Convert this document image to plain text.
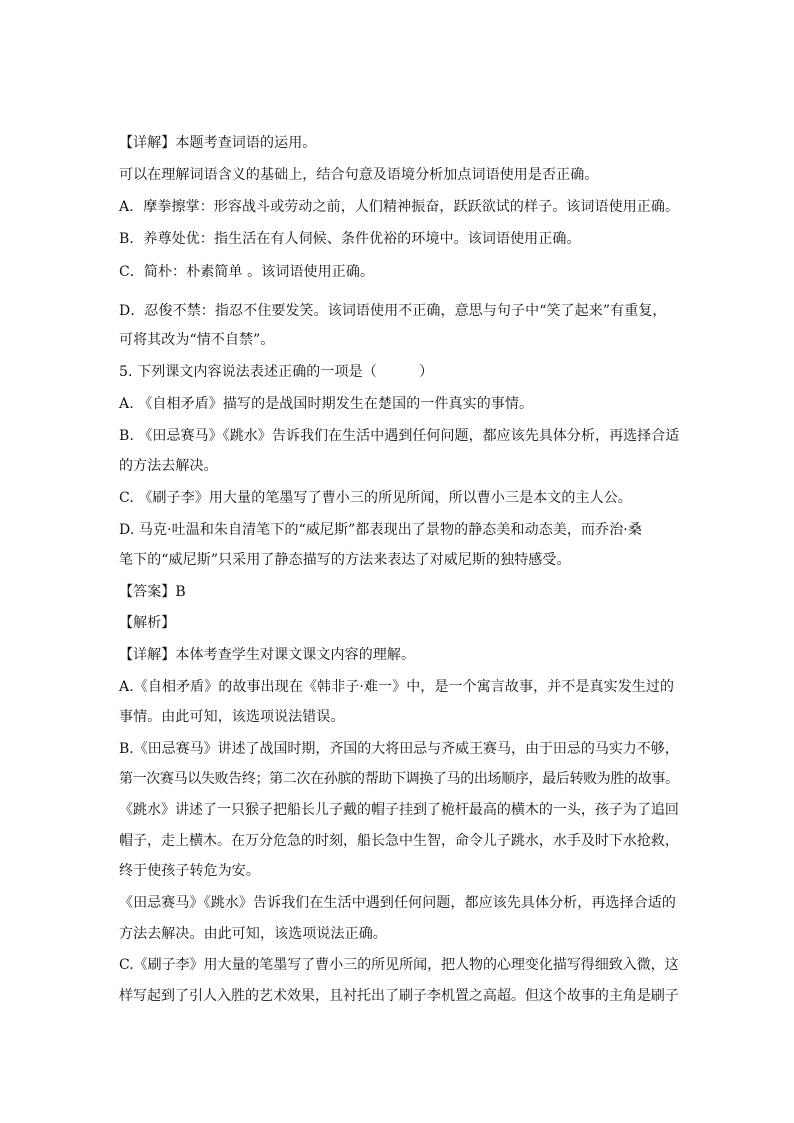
【详解】本题考查词语的运用。
可以在理解词语含义的基础上，结合句意及语境分析加点词语使用是否正确。
A．摩拳擦掌：形容战斗或劳动之前，人们精神振奋，跃跃欲试的样子。该词语使用正确。
B．养尊处优：指生活在有人伺候、条件优裕的环境中。该词语使用正确。
C．简朴：朴素简单 。该词语使用正确。
D．忍俊不禁：指忍不住要发笑。该词语使用不正确，意思与句子中“笑了起来”有重复，
可将其改为“情不自禁”。
5. 下列课文内容说法表述正确的一项是（　　　）
A. 《自相矛盾》描写的是战国时期发生在楚国的一件真实的事情。
B. 《田忌赛马》《跳水》告诉我们在生活中遇到任何问题，都应该先具体分析，再选择合适
的方法去解决。
C. 《刷子李》用大量的笔墨写了曹小三的所见所闻，所以曹小三是本文的主人公。
D. 马克·吐温和朱自清笔下的“威尼斯”都表现出了景物的静态美和动态美，而乔治·桑
笔下的“威尼斯”只采用了静态描写的方法来表达了对威尼斯的独特感受。
【答案】B
【解析】
【详解】本体考查学生对课文课文内容的理解。
A.《自相矛盾》的故事出现在《韩非子·难一》中，是一个寓言故事，并不是真实发生过的
事情。由此可知，该选项说法错误。
B.《田忌赛马》讲述了战国时期，齐国的大将田忌与齐威王赛马，由于田忌的马实力不够，
第一次赛马以失败告终；第二次在孙膑的帮助下调换了马的出场顺序，最后转败为胜的故事。
《跳水》讲述了一只猴子把船长儿子戴的帽子挂到了桅杆最高的横木的一头，孩子为了追回
帽子，走上横木。在万分危急的时刻，船长急中生智，命令儿子跳水，水手及时下水抢救，
终于使孩子转危为安。
《田忌赛马》《跳水》告诉我们在生活中遇到任何问题，都应该先具体分析，再选择合适的
方法去解决。由此可知，该选项说法正确。
C.《刷子李》用大量的笔墨写了曹小三的所见所闻，把人物的心理变化描写得细致入微，这
样写起到了引人入胜的艺术效果，且衬托出了刷子李机置之高超。但这个故事的主角是刷子
